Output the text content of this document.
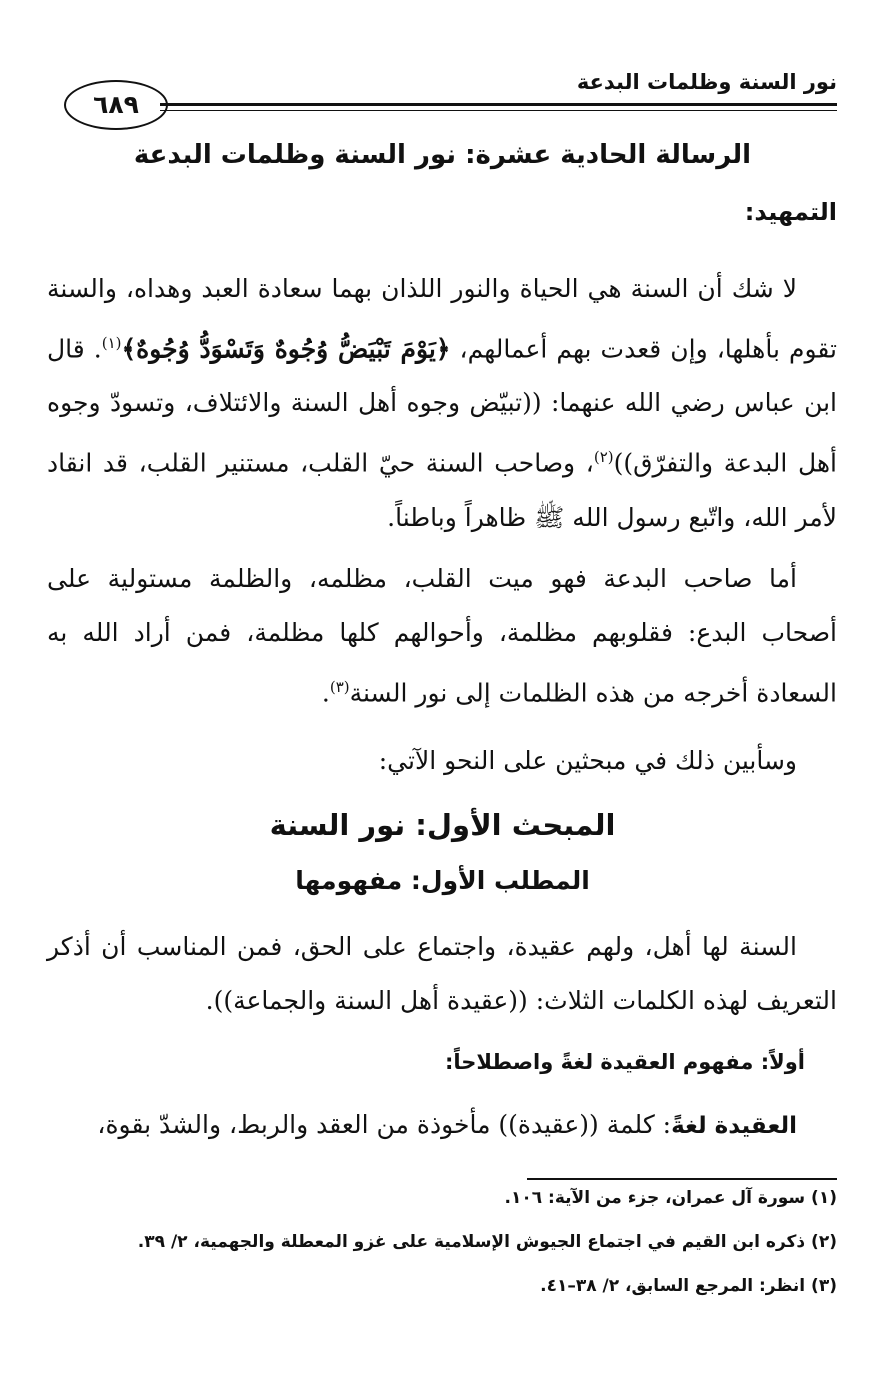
نور السنة وظلمات البدعة
٦٨٩
الرسالة الحادية عشرة: نور السنة وظلمات البدعة
التمهيد:

لا شك أن السنة هي الحياة والنور اللذان بهما سعادة العبد وهداه، والسنة تقوم بأهلها، وإن قعدت بهم أعمالهم، ﴿يَوْمَ تَبْيَضُّ وُجُوهٌ وَتَسْوَدُّ وُجُوهٌ﴾$^{(١)}$. قال ابن عباس رضي الله عنهما: ((تبيّض وجوه أهل السنة والائتلاف، وتسودّ وجوه أهل البدعة والتفرّق))$^{(٢)}$، وصاحب السنة حيّ القلب، مستنير القلب، قد انقاد لأمر الله، واتّبع رسول الله ﷺ ظاهراً وباطناً.

أما صاحب البدعة فهو ميت القلب، مظلمه، والظلمة مستولية على أصحاب البدع: فقلوبهم مظلمة، وأحوالهم كلها مظلمة، فمن أراد الله به السعادة أخرجه من هذه الظلمات إلى نور السنة$^{(٣)}$.

وسأبين ذلك في مبحثين على النحو الآتي:

المبحث الأول: نور السنة
المطلب الأول: مفهومها

السنة لها أهل، ولهم عقيدة، واجتماع على الحق، فمن المناسب أن أذكر التعريف لهذه الكلمات الثلاث: ((عقيدة أهل السنة والجماعة)).

أولاً: مفهوم العقيدة لغةً واصطلاحاً:

العقيدة لغةً: كلمة ((عقيدة)) مأخوذة من العقد والربط، والشدّ بقوة،

(١) سورة آل عمران، جزء من الآية: ١٠٦.
(٢) ذكره ابن القيم في اجتماع الجيوش الإسلامية على غزو المعطلة والجهمية، ٢/ ٣٩.
(٣) انظر: المرجع السابق، ٢/ ٣٨–٤١.
